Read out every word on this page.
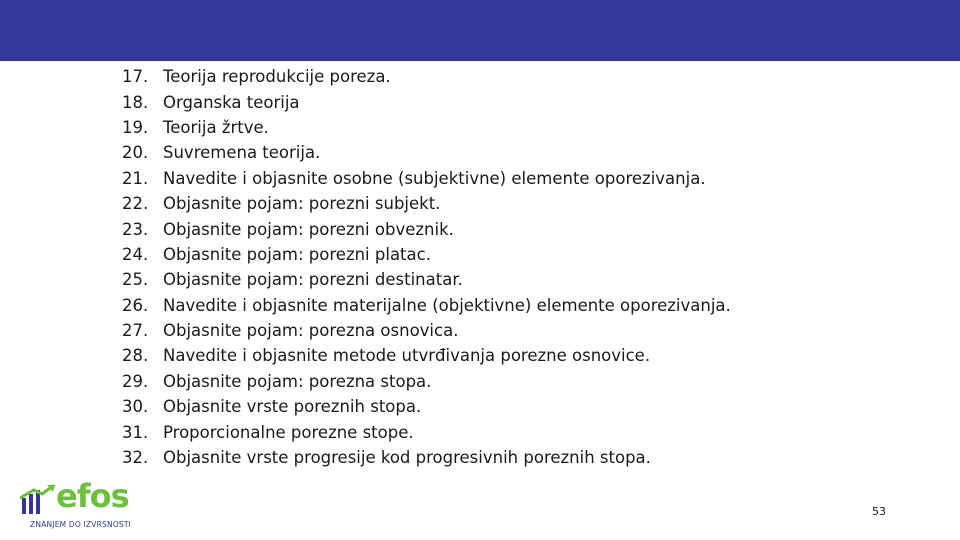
17. Teorija reprodukcije poreza.
18. Organska teorija
19. Teorija žrtve.
20. Suvremena teorija.
21. Navedite i objasnite osobne (subjektivne) elemente oporezivanja.
22. Objasnite pojam: porezni subjekt.
23. Objasnite pojam: porezni obveznik.
24. Objasnite pojam: porezni platac.
25. Objasnite pojam: porezni destinatar.
26. Navedite i objasnite materijalne (objektivne) elemente oporezivanja.
27. Objasnite pojam: porezna osnovica.
28. Navedite i objasnite metode utvrđivanja porezne osnovice.
29. Objasnite pojam: porezna stopa.
30. Objasnite vrste poreznih stopa.
31. Proporcionalne porezne stope.
32. Objasnite vrste progresije kod progresivnih poreznih stopa.
efos
ZNANJEM DO IZVRSNOSTI
53
